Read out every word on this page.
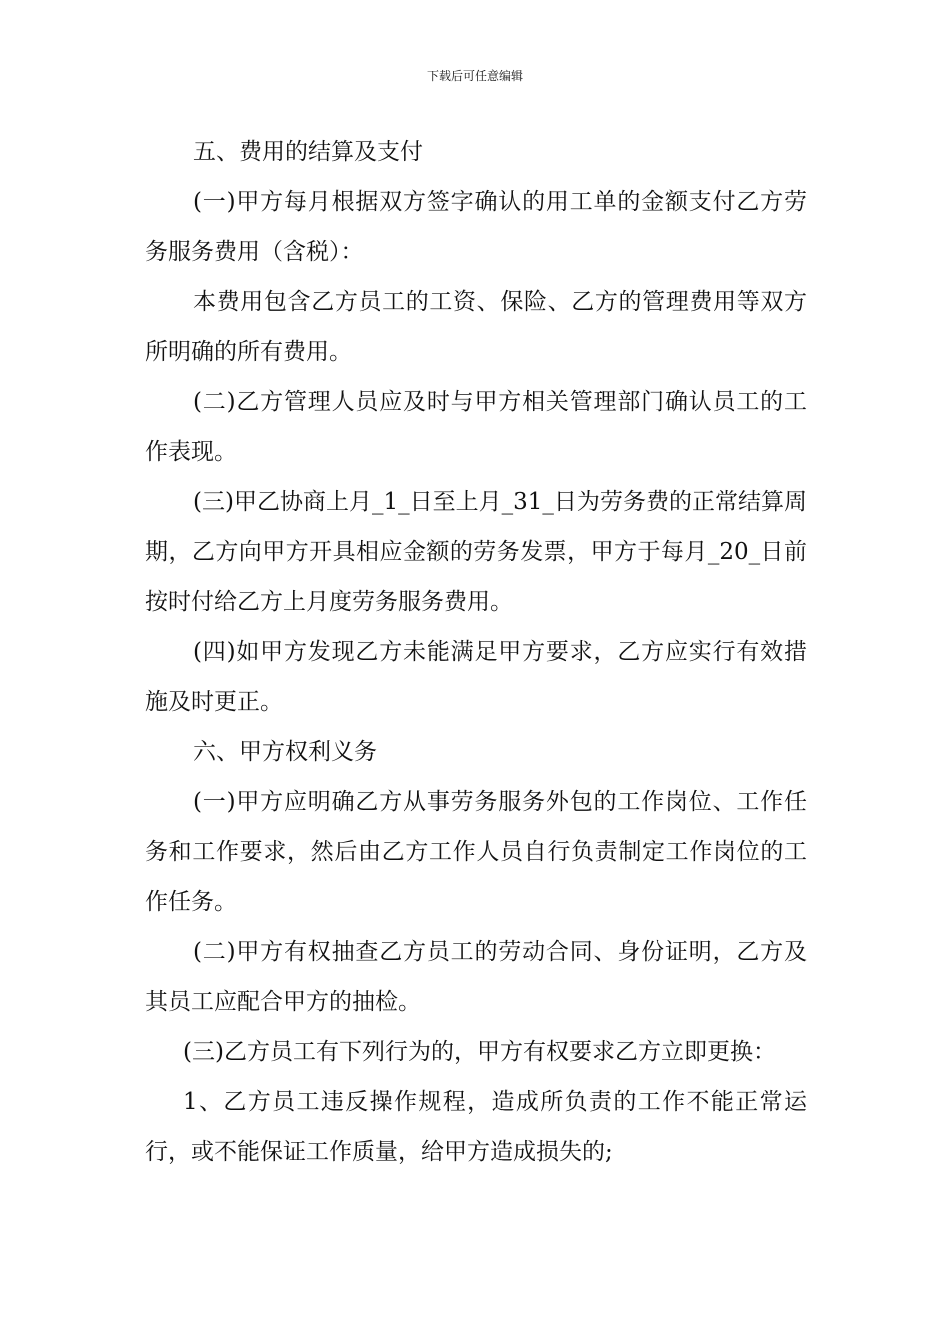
下载后可任意编辑

五、费用的结算及支付

(一)甲方每月根据双方签字确认的用工单的金额支付乙方劳务服务费用（含税）：

本费用包含乙方员工的工资、保险、乙方的管理费用等双方所明确的所有费用。

(二)乙方管理人员应及时与甲方相关管理部门确认员工的工作表现。

(三)甲乙协商上月_1_日至上月_31_日为劳务费的正常结算周期，乙方向甲方开具相应金额的劳务发票，甲方于每月_20_日前按时付给乙方上月度劳务服务费用。

(四)如甲方发现乙方未能满足甲方要求，乙方应实行有效措施及时更正。

六、甲方权利义务

(一)甲方应明确乙方从事劳务服务外包的工作岗位、工作任务和工作要求，然后由乙方工作人员自行负责制定工作岗位的工作任务。

(二)甲方有权抽查乙方员工的劳动合同、身份证明，乙方及其员工应配合甲方的抽检。

(三)乙方员工有下列行为的，甲方有权要求乙方立即更换：

1、乙方员工违反操作规程，造成所负责的工作不能正常运行，或不能保证工作质量，给甲方造成损失的;
